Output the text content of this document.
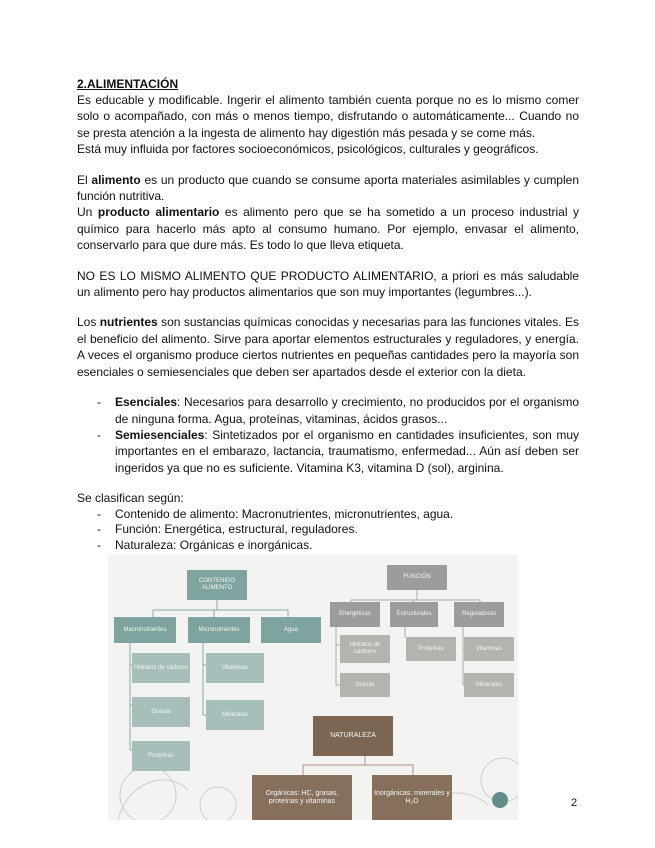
2.ALIMENTACIÓN

Es educable y modificable. Ingerir el alimento también cuenta porque no es lo mismo comer solo o acompañado, con más o menos tiempo, disfrutando o automáticamente... Cuando no se presta atención a la ingesta de alimento hay digestión más pesada y se come más.

Está muy influida por factores socioeconómicos, psicológicos, culturales y geográficos.

El alimento es un producto que cuando se consume aporta materiales asimilables y cumplen función nutritiva.

Un producto alimentario es alimento pero que se ha sometido a un proceso industrial y químico para hacerlo más apto al consumo humano. Por ejemplo, envasar el alimento, conservarlo para que dure más. Es todo lo que lleva etiqueta.

NO ES LO MISMO ALIMENTO QUE PRODUCTO ALIMENTARIO, a priori es más saludable un alimento pero hay productos alimentarios que son muy importantes (legumbres...).

Los nutrientes son sustancias químicas conocidas y necesarias para las funciones vitales. Es el beneficio del alimento. Sirve para aportar elementos estructurales y reguladores, y energía. A veces el organismo produce ciertos nutrientes en pequeñas cantidades pero la mayoría son esenciales o semiesenciales que deben ser apartados desde el exterior con la dieta.

-	Esenciales: Necesarios para desarrollo y crecimiento, no producidos por el organismo de ninguna forma. Agua, proteínas, vitaminas, ácidos grasos...
-	Semiesenciales: Sintetizados por el organismo en cantidades insuficientes, son muy importantes en el embarazo, lactancia, traumatismo, enfermedad... Aún así deben ser ingeridos ya que no es suficiente. Vitamina K3, vitamina D (sol), arginina.

Se clasifican según:

-	Contenido de alimento: Macronutrientes, micronutrientes, agua.
-	Función: Energética, estructural, reguladores.
-	Naturaleza: Orgánicas e inorgánicas.
CONTENIDO ALIMENTO
Macronutrientes	Micronutrientes	Agua
Hidratos de carbono
Grasas
Proteínas
Vitaminas
Minerales
FUNCIÓN
Energéticas	Estructurales	Reguladoras
Hidratos de carbono
Grasas
Proteínas	Vitaminas
Minerales
NATURALEZA
Orgánicas: HC, grasas, proteínas y vitaminas
Inorgánicas: minerales y H₂O	2
